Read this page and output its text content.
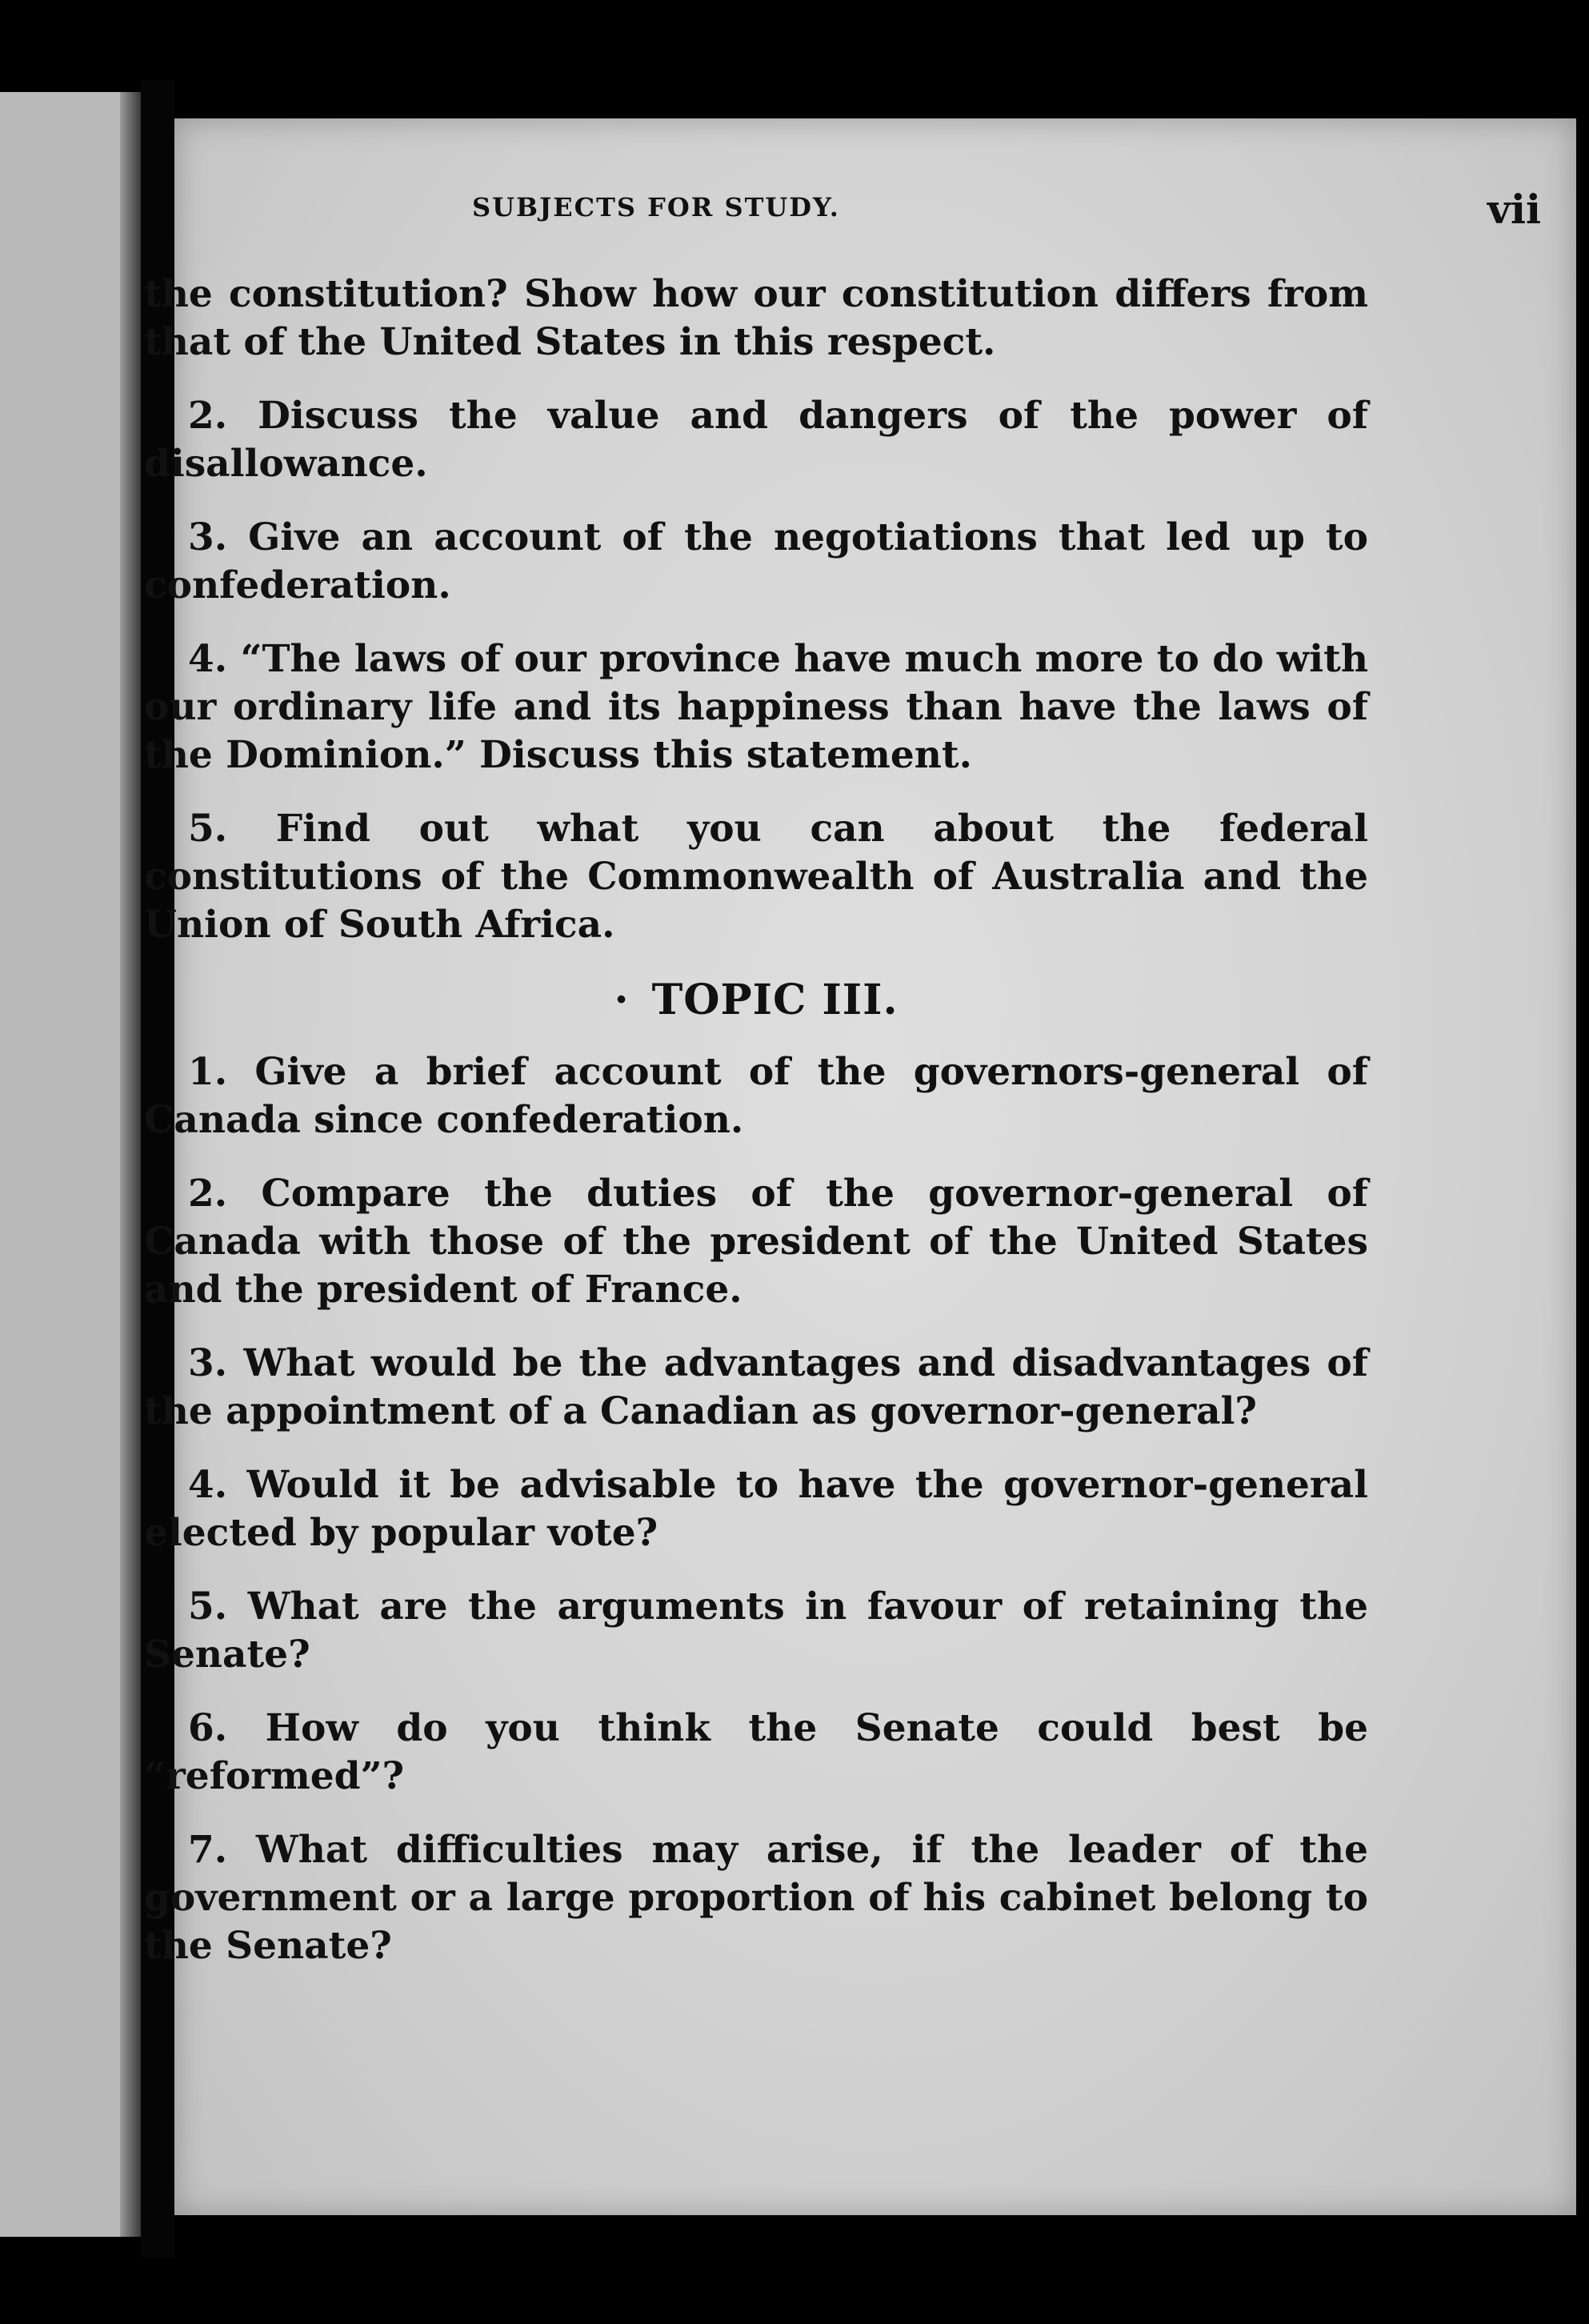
SUBJECTS FOR STUDY.	vii

the constitution? Show how our constitution differs from that of the United States in this respect.

2. Discuss the value and dangers of the power of disallowance.

3. Give an account of the negotiations that led up to confederation.

4. “The laws of our province have much more to do with our ordinary life and its happiness than have the laws of the Dominion.” Discuss this statement.

5. Find out what you can about the federal constitutions of the Commonwealth of Australia and the Union of South Africa.

· TOPIC III.

1. Give a brief account of the governors-general of Canada since confederation.

2. Compare the duties of the governor-general of Canada with those of the president of the United States and the president of France.

3. What would be the advantages and disadvantages of the appointment of a Canadian as governor-general?

4. Would it be advisable to have the governor-general elected by popular vote?

5. What are the arguments in favour of retaining the Senate?

6. How do you think the Senate could best be “reformed”?

7. What difficulties may arise, if the leader of the government or a large proportion of his cabinet belong to the Senate?
